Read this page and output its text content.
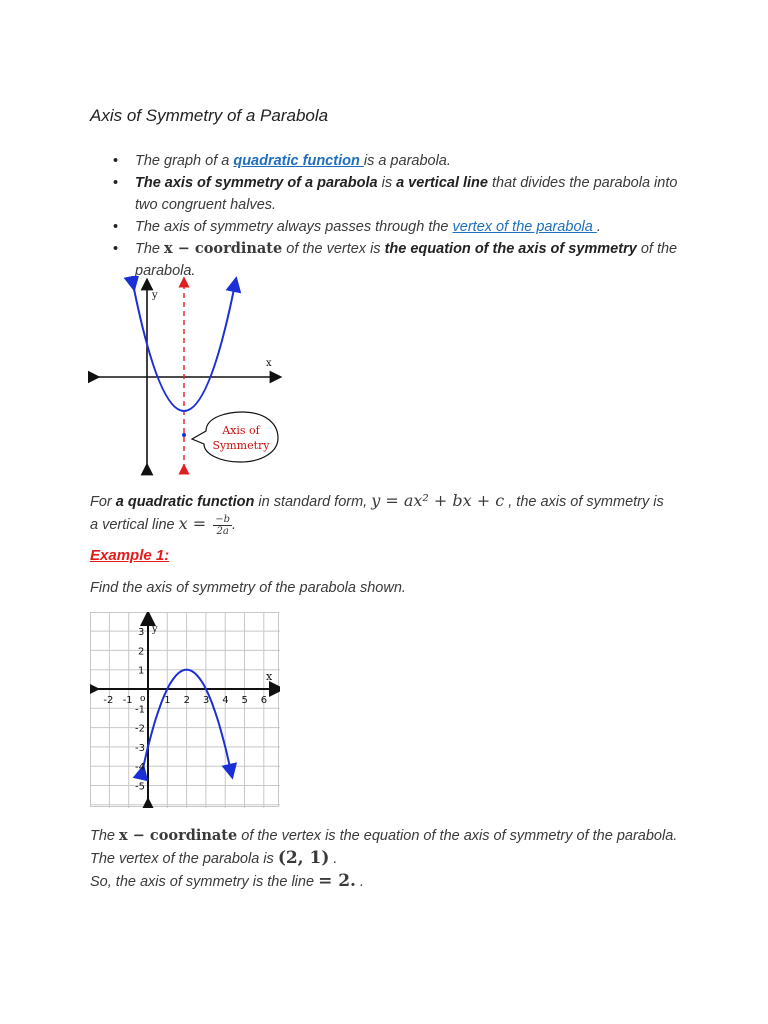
Axis of Symmetry of a Parabola
• The graph of a quadratic function is a parabola.
• The axis of symmetry of a parabola is a vertical line that divides the parabola into two congruent halves.
• The axis of symmetry always passes through the vertex of the parabola .
• The x − coordinate of the vertex is the equation of the axis of symmetry of the parabola.
x
y
Axis of
Symmetry
For a quadratic function in standard form, y = ax² + bx + c , the axis of symmetry is
a vertical line $x = \frac{-b}{2a}$ .
Example 1:
Find the axis of symmetry of the parabola shown.
x
y
o
-2 -1	1 2 3 4 5 6
3
2
1
-1
-2
-3
-4
-5
The x − coordinate of the vertex is the equation of the axis of symmetry of the parabola.
The vertex of the parabola is (2, 1) .
So, the axis of symmetry is the line = 2. .
